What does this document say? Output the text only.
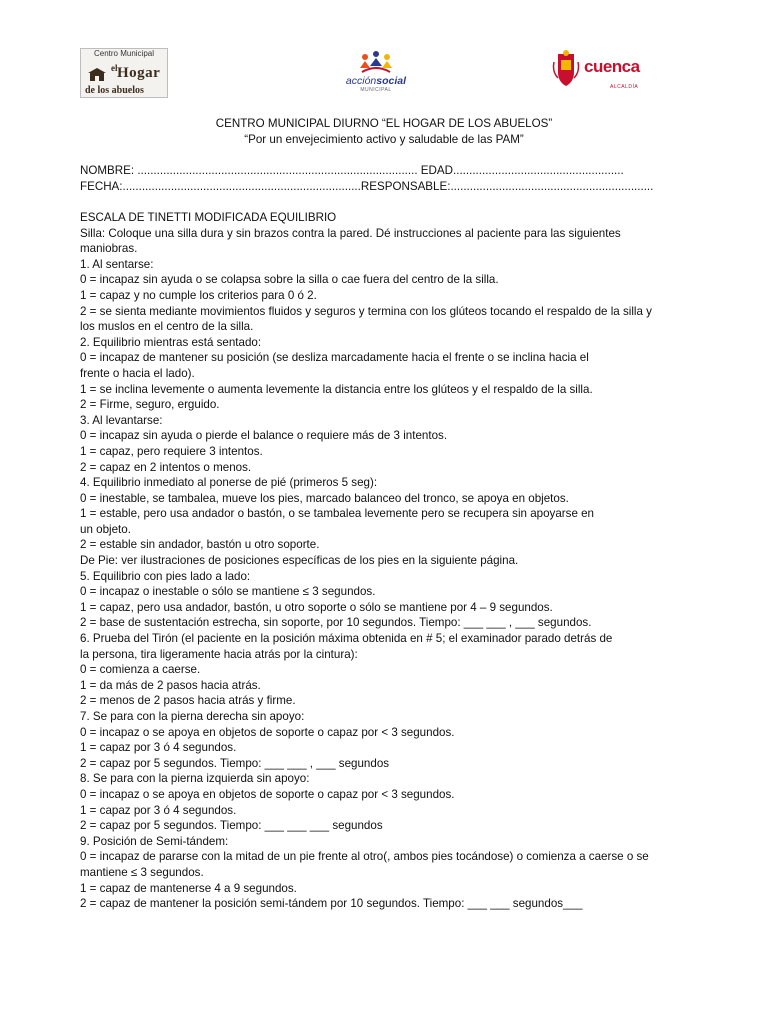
Centro Municipal
el Hogar
de los abuelos
acciónsocial
MUNICIPAL
cuenca
ALCALDÍA
CENTRO MUNICIPAL DIURNO “EL HOGAR DE LOS ABUELOS”
“Por un envejecimiento activo y saludable de las PAM”
NOMBRE: ....................................................................................... EDAD.....................................................
FECHA:..........................................................................RESPONSABLE:...............................................................

ESCALA DE TINETTI MODIFICADA EQUILIBRIO

Silla: Coloque una silla dura y sin brazos contra la pared. Dé instrucciones al paciente para las siguientes

maniobras.

1. Al sentarse:

0 = incapaz sin ayuda o se colapsa sobre la silla o cae fuera del centro de la silla.

1 = capaz y no cumple los criterios para 0 ó 2.

2 = se sienta mediante movimientos fluidos y seguros y termina con los glúteos tocando el respaldo de la silla y

los muslos en el centro de la silla.

2. Equilibrio mientras está sentado:

0 = incapaz de mantener su posición (se desliza marcadamente hacia el frente o se inclina hacia el

frente o hacia el lado).

1 = se inclina levemente o aumenta levemente la distancia entre los glúteos y el respaldo de la silla.

2 = Firme, seguro, erguido.

3. Al levantarse:

0 = incapaz sin ayuda o pierde el balance o requiere más de 3 intentos.

1 = capaz, pero requiere 3 intentos.

2 = capaz en 2 intentos o menos.

4. Equilibrio inmediato al ponerse de pié (primeros 5 seg):

0 = inestable, se tambalea, mueve los pies, marcado balanceo del tronco, se apoya en objetos.

1 = estable, pero usa andador o bastón, o se tambalea levemente pero se recupera sin apoyarse en

un objeto.

2 = estable sin andador, bastón u otro soporte.

De Pie: ver ilustraciones de posiciones específicas de los pies en la siguiente página.

5. Equilibrio con pies lado a lado:

0 = incapaz o inestable o sólo se mantiene ≤ 3 segundos.

1 = capaz, pero usa andador, bastón, u otro soporte o sólo se mantiene por 4 – 9 segundos.

2 = base de sustentación estrecha, sin soporte, por 10 segundos. Tiempo: ___ ___ , ___ segundos.

6. Prueba del Tirón (el paciente en la posición máxima obtenida en # 5; el examinador parado detrás de

la persona, tira ligeramente hacia atrás por la cintura):

0 = comienza a caerse.

1 = da más de 2 pasos hacia atrás.

2 = menos de 2 pasos hacia atrás y firme.

7. Se para con la pierna derecha sin apoyo:

0 = incapaz o se apoya en objetos de soporte o capaz por < 3 segundos.

1 = capaz por 3 ó 4 segundos.

2 = capaz por 5 segundos. Tiempo: ___ ___ , ___ segundos

8. Se para con la pierna izquierda sin apoyo:

0 = incapaz o se apoya en objetos de soporte o capaz por < 3 segundos.

1 = capaz por 3 ó 4 segundos.

2 = capaz por 5 segundos. Tiempo: ___ ___ ___ segundos

9. Posición de Semi-tándem:

0 = incapaz de pararse con la mitad de un pie frente al otro(, ambos pies tocándose) o comienza a caerse o se

mantiene ≤ 3 segundos.

1 = capaz de mantenerse 4 a 9 segundos.

2 = capaz de mantener la posición semi-tándem por 10 segundos. Tiempo: ___ ___ segundos___
